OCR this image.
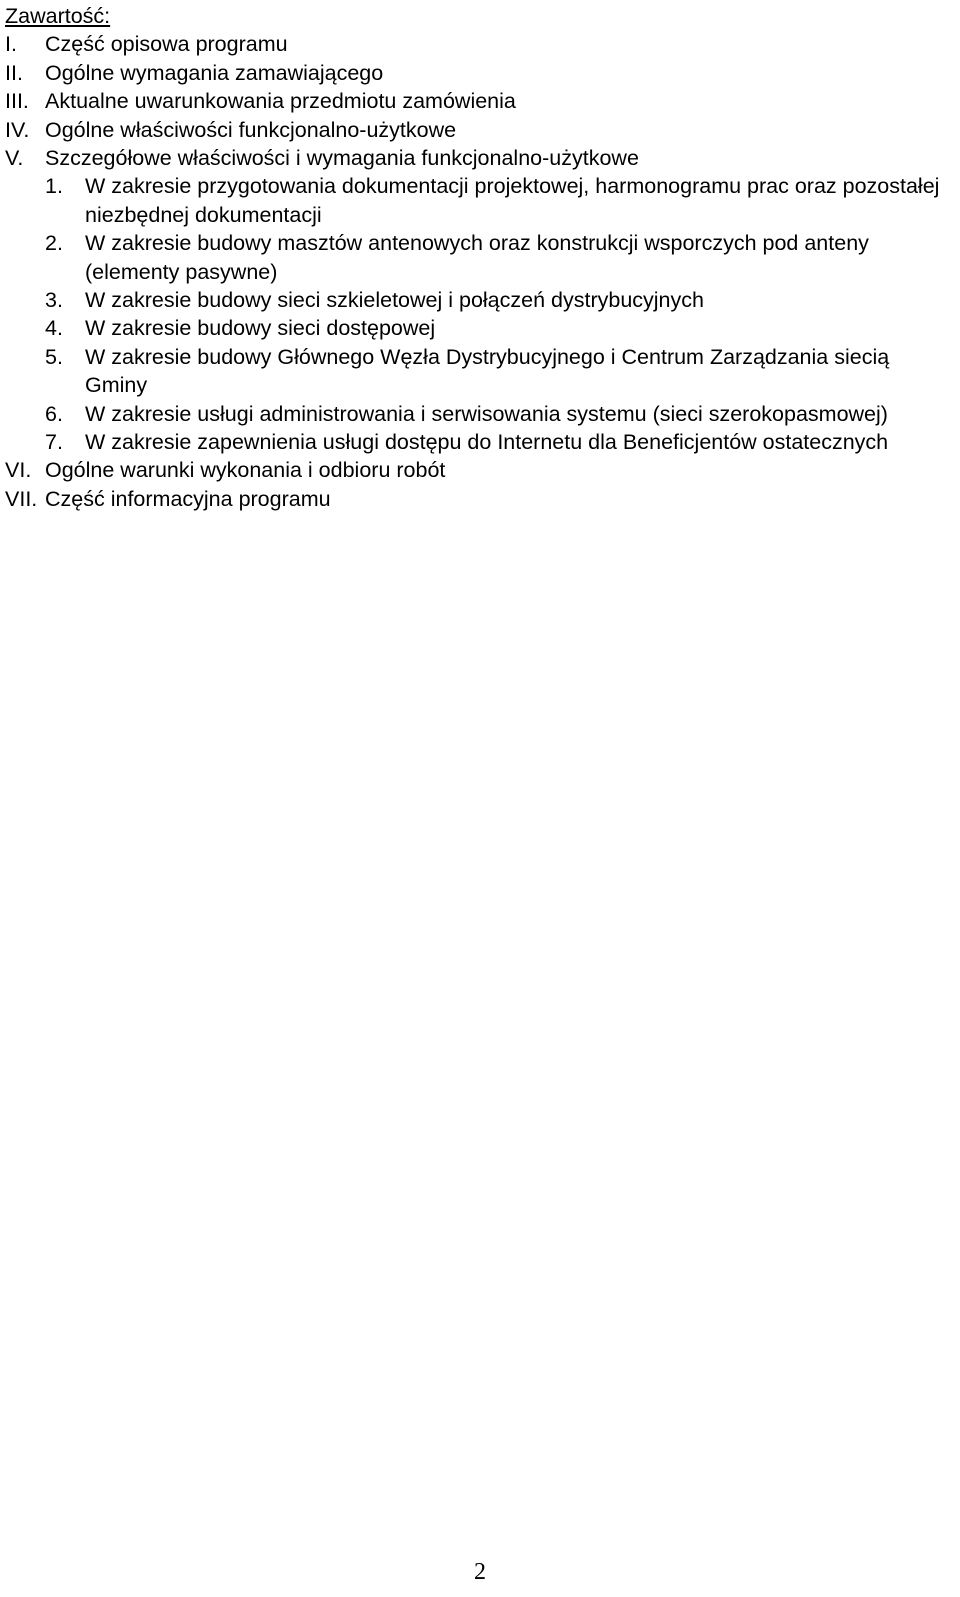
Zawartość:
I.	Część opisowa programu
II.	Ogólne wymagania zamawiającego
III. Aktualne uwarunkowania przedmiotu zamówienia
IV. Ogólne właściwości funkcjonalno-użytkowe
V.	Szczegółowe właściwości i wymagania funkcjonalno-użytkowe
1.	W zakresie przygotowania dokumentacji projektowej, harmonogramu prac oraz pozostałej niezbędnej dokumentacji
2.	W zakresie budowy masztów antenowych oraz konstrukcji wsporczych pod anteny (elementy pasywne)
3.	W zakresie budowy sieci szkieletowej i połączeń dystrybucyjnych
4.	W zakresie budowy sieci dostępowej
5.	W zakresie budowy Głównego Węzła Dystrybucyjnego i Centrum Zarządzania siecią Gminy
6.	W zakresie usługi administrowania i serwisowania systemu (sieci szerokopasmowej)
7.	W zakresie zapewnienia usługi dostępu do Internetu dla Beneficjentów ostatecznych
VI. Ogólne warunki wykonania i odbioru robót
VII. Część informacyjna programu
2
